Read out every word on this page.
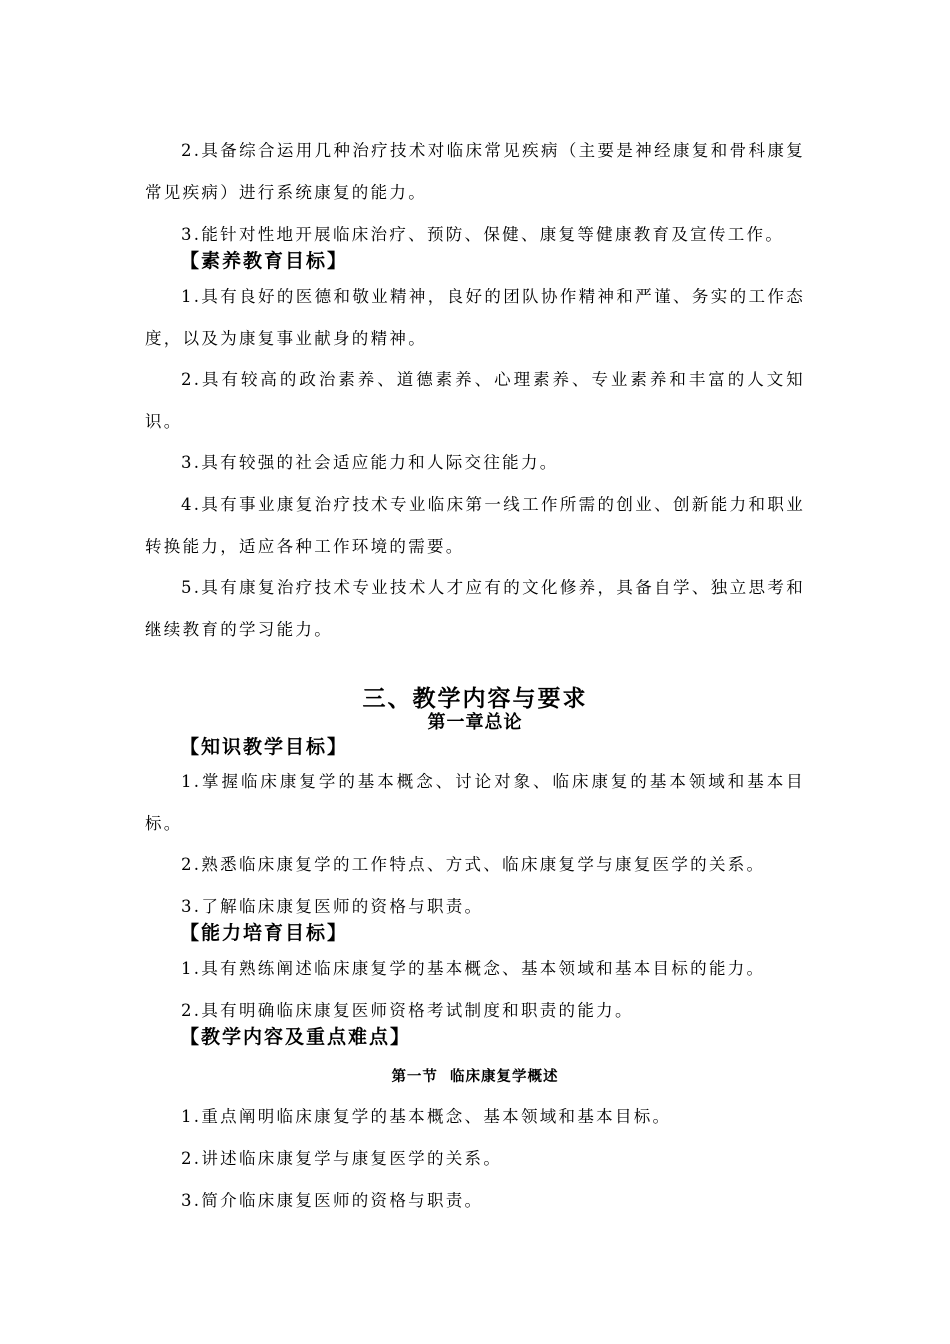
2.具备综合运用几种治疗技术对临床常见疾病（主要是神经康复和骨科康复常见疾病）进行系统康复的能力。

3.能针对性地开展临床治疗、预防、保健、康复等健康教育及宣传工作。

【素养教育目标】

1.具有良好的医德和敬业精神，良好的团队协作精神和严谨、务实的工作态度，以及为康复事业献身的精神。

2.具有较高的政治素养、道德素养、心理素养、专业素养和丰富的人文知识。

3.具有较强的社会适应能力和人际交往能力。

4.具有事业康复治疗技术专业临床第一线工作所需的创业、创新能力和职业转换能力，适应各种工作环境的需要。

5.具有康复治疗技术专业技术人才应有的文化修养，具备自学、独立思考和继续教育的学习能力。

三、教学内容与要求
第一章总论
【知识教学目标】

1.掌握临床康复学的基本概念、讨论对象、临床康复的基本领域和基本目标。

2.熟悉临床康复学的工作特点、方式、临床康复学与康复医学的关系。

3.了解临床康复医师的资格与职责。

【能力培育目标】

1.具有熟练阐述临床康复学的基本概念、基本领域和基本目标的能力。

2.具有明确临床康复医师资格考试制度和职责的能力。

【教学内容及重点难点】
第一节  临床康复学概述

1.重点阐明临床康复学的基本概念、基本领域和基本目标。

2.讲述临床康复学与康复医学的关系。

3.简介临床康复医师的资格与职责。
